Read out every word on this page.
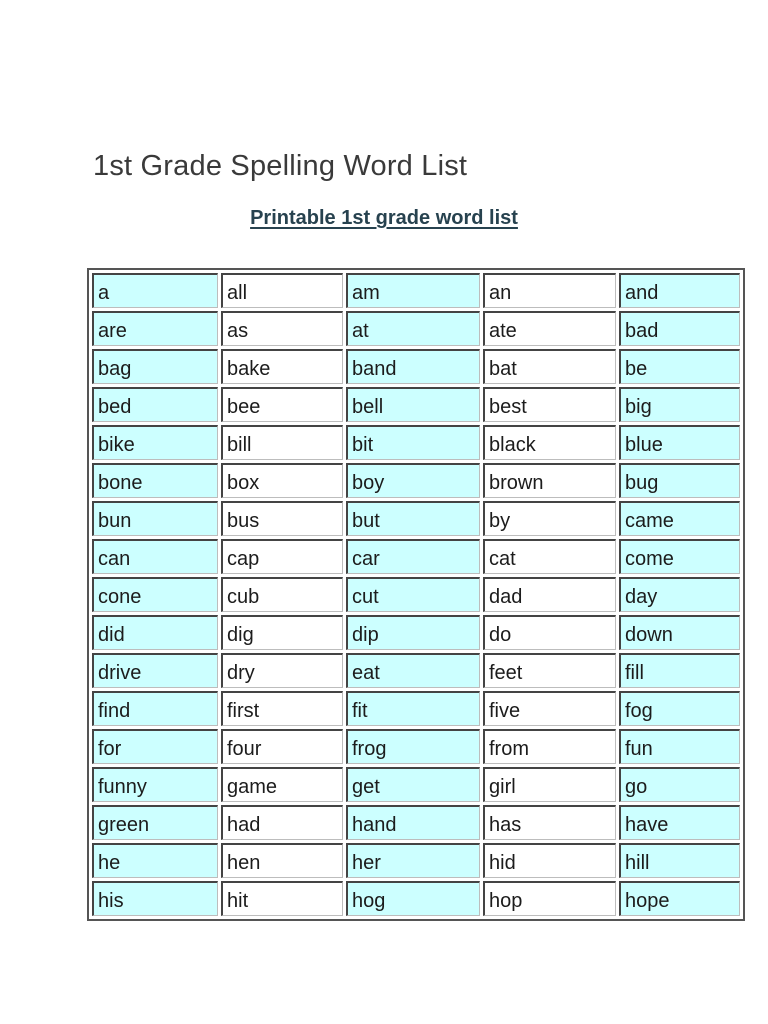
1st Grade Spelling Word List
Printable 1st grade word list
a	all	am	an	and
are	as	at	ate	bad
bag	bake	band	bat	be
bed	bee	bell	best	big
bike	bill	bit	black	blue
bone	box	boy	brown	bug
bun	bus	but	by	came
can	cap	car	cat	come
cone	cub	cut	dad	day
did	dig	dip	do	down
drive	dry	eat	feet	fill
find	first	fit	five	fog
for	four	frog	from	fun
funny	game	get	girl	go
green	had	hand	has	have
he	hen	her	hid	hill
his	hit	hog	hop	hope
